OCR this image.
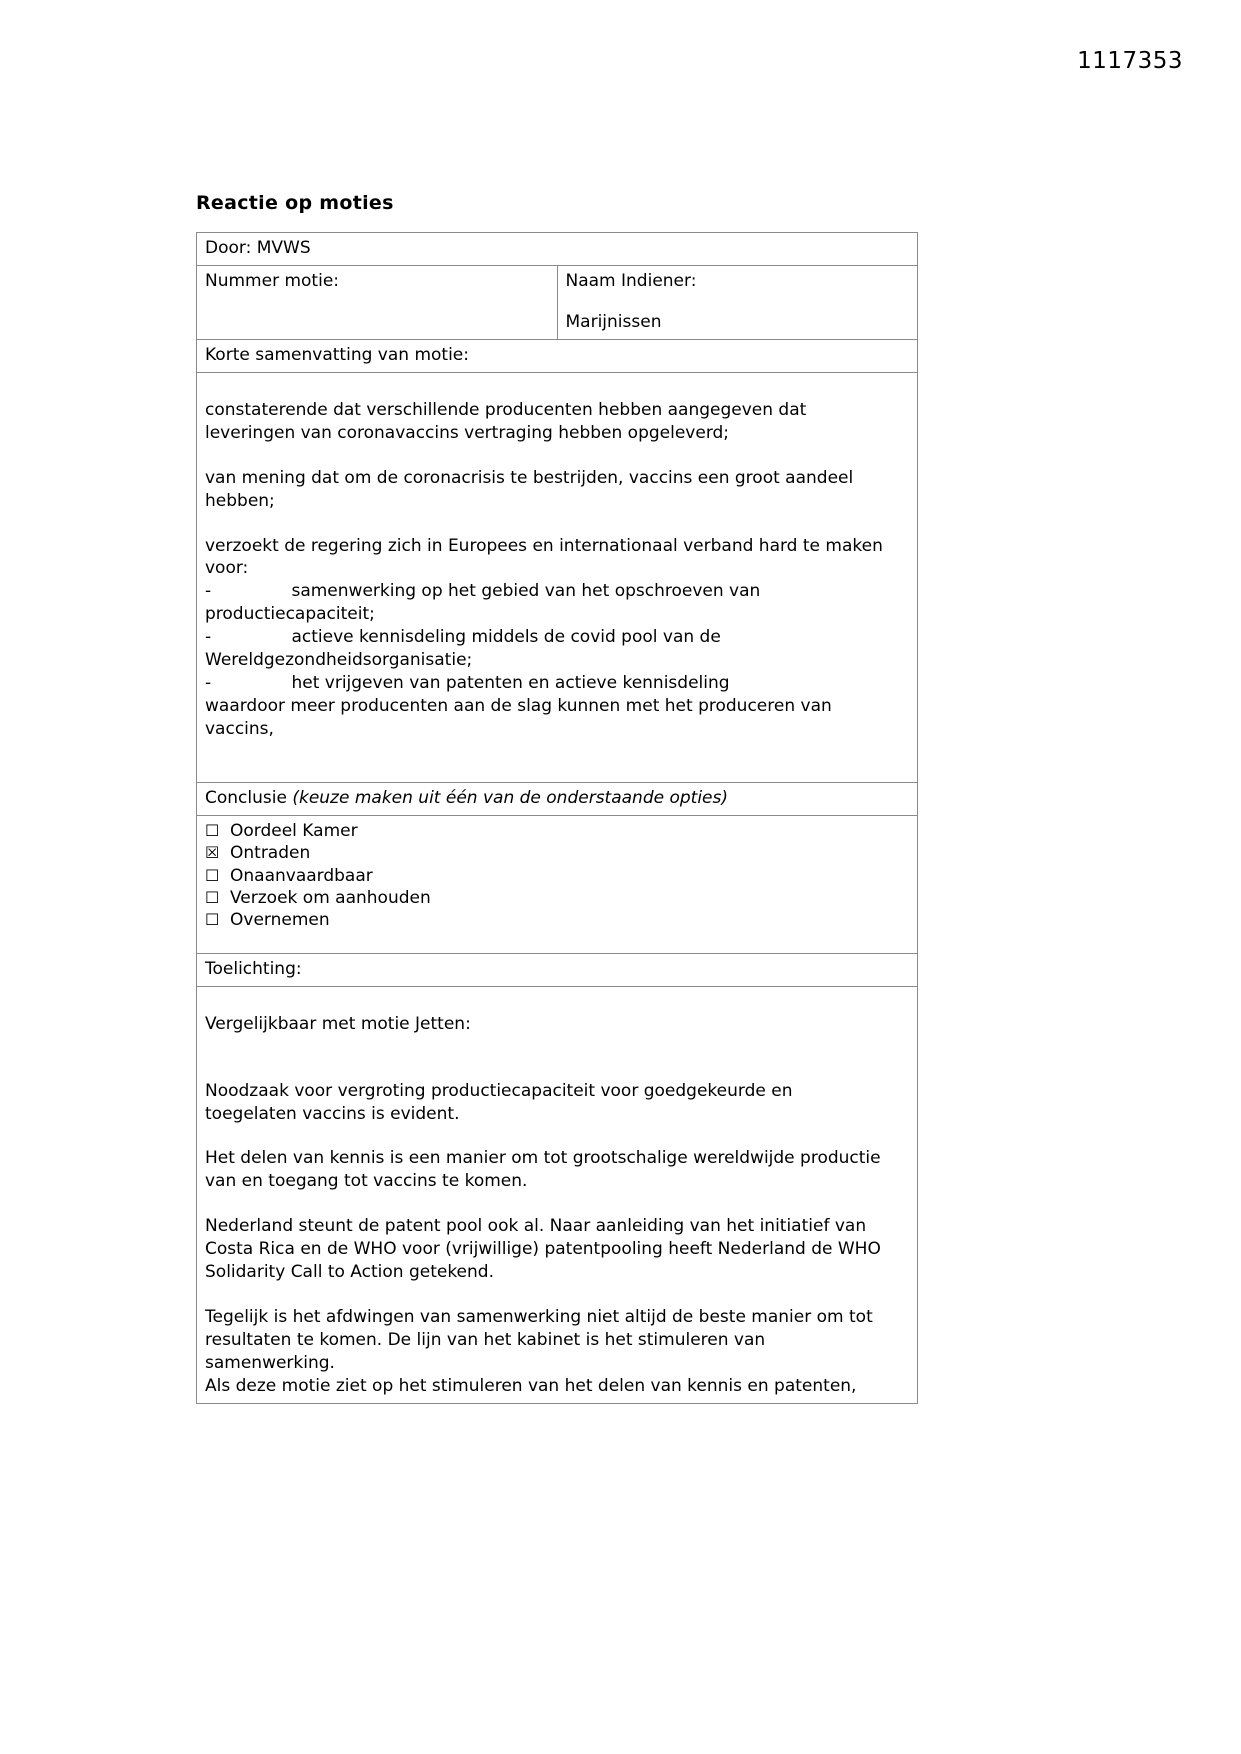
1117353
Reactie op moties
Door: MVWS

Nummer motie:	Naam Indiener:
Marijnissen

Korte samenvatting van motie:

constaterende dat verschillende producenten hebben aangegeven dat
leveringen van coronavaccins vertraging hebben opgeleverd;
van mening dat om de coronacrisis te bestrijden, vaccins een groot aandeel
hebben;
verzoekt de regering zich in Europees en internationaal verband hard te maken
voor:
-		samenwerking op het gebied van het opschroeven van
productiecapaciteit;
-		actieve kennisdeling middels de covid pool van de
Wereldgezondheidsorganisatie;
-		het vrijgeven van patenten en actieve kennisdeling
waardoor meer producenten aan de slag kunnen met het produceren van
vaccins,

Conclusie (keuze maken uit één van de onderstaande opties)

☐ Oordeel Kamer
☒ Ontraden
☐ Onaanvaardbaar
☐ Verzoek om aanhouden
☐ Overnemen

Toelichting:

Vergelijkbaar met motie Jetten:
Noodzaak voor vergroting productiecapaciteit voor goedgekeurde en
toegelaten vaccins is evident.
Het delen van kennis is een manier om tot grootschalige wereldwijde productie
van en toegang tot vaccins te komen.
Nederland steunt de patent pool ook al. Naar aanleiding van het initiatief van
Costa Rica en de WHO voor (vrijwillige) patentpooling heeft Nederland de WHO
Solidarity Call to Action getekend.
Tegelijk is het afdwingen van samenwerking niet altijd de beste manier om tot
resultaten te komen. De lijn van het kabinet is het stimuleren van
samenwerking.
Als deze motie ziet op het stimuleren van het delen van kennis en patenten,
